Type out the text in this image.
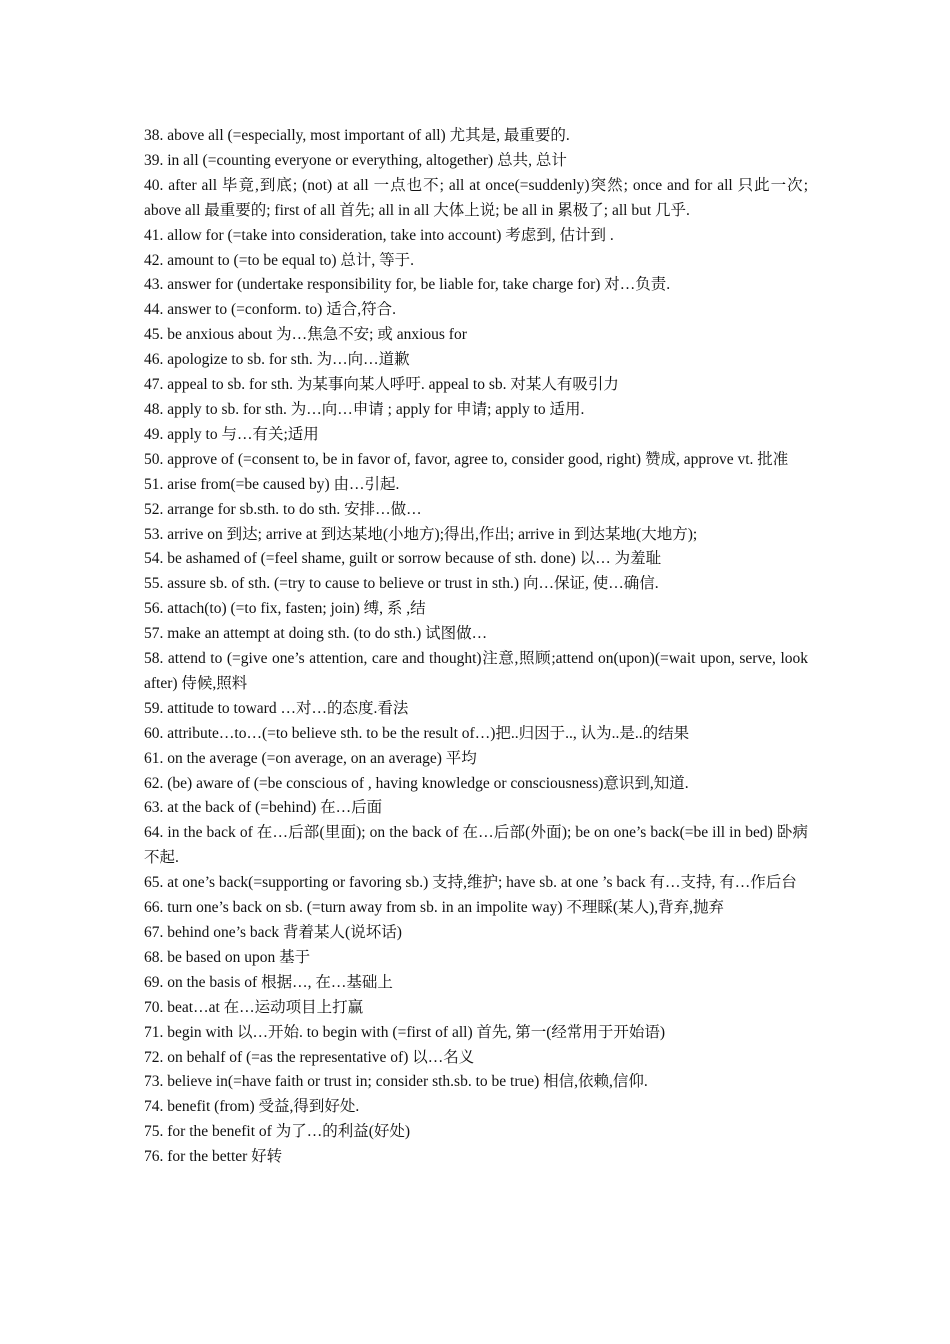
38. above all (=especially, most important of all) 尤其是, 最重要的.

39. in all (=counting everyone or everything, altogether) 总共, 总计

40. after all 毕竟,到底; (not) at all 一点也不; all at once(=suddenly)突然; once and for all 只此一次; above all 最重要的; first of all 首先; all in all 大体上说; be all in 累极了; all but 几乎.

41. allow for (=take into consideration, take into account) 考虑到, 估计到 .

42. amount to (=to be equal to) 总计, 等于.

43. answer for (undertake responsibility for, be liable for, take charge for) 对…负责.

44. answer to (=conform. to) 适合,符合.

45. be anxious about 为…焦急不安; 或 anxious for

46. apologize to sb. for sth. 为…向…道歉

47. appeal to sb. for sth. 为某事向某人呼吁. appeal to sb. 对某人有吸引力

48. apply to sb. for sth. 为…向…申请 ; apply for 申请; apply to 适用.

49. apply to 与…有关;适用

50. approve of (=consent to, be in favor of, favor, agree to, consider good, right) 赞成, approve vt. 批准

51. arise from(=be caused by) 由…引起.

52. arrange for sb.sth. to do sth. 安排…做…

53. arrive on 到达; arrive at 到达某地(小地方);得出,作出; arrive in 到达某地(大地方);

54. be ashamed of (=feel shame, guilt or sorrow because of sth. done) 以… 为羞耻

55. assure sb. of sth. (=try to cause to believe or trust in sth.) 向…保证, 使…确信.

56. attach(to) (=to fix, fasten; join) 缚, 系 ,结

57. make an attempt at doing sth. (to do sth.) 试图做…

58. attend to (=give one’s attention, care and thought)注意,照顾;attend on(upon)(=wait upon, serve, look after) 侍候,照料

59. attitude to toward …对…的态度.看法

60. attribute…to…(=to believe sth. to be the result of…)把..归因于.., 认为..是..的结果

61. on the average (=on average, on an average) 平均

62. (be) aware of (=be conscious of , having knowledge or consciousness)意识到,知道.

63. at the back of (=behind) 在…后面

64. in the back of 在…后部(里面); on the back of 在…后部(外面); be on one’s back(=be ill in bed) 卧病不起.

65. at one’s back(=supporting or favoring sb.) 支持,维护; have sb. at one ’s back 有…支持, 有…作后台

66. turn one’s back on sb. (=turn away from sb. in an impolite way) 不理睬(某人),背弃,抛弃

67. behind one’s back 背着某人(说坏话)

68. be based on upon 基于

69. on the basis of 根据…, 在…基础上

70. beat…at 在…运动项目上打赢

71. begin with 以…开始. to begin with (=first of all) 首先, 第一(经常用于开始语)

72. on behalf of (=as the representative of) 以…名义

73. believe in(=have faith or trust in; consider sth.sb. to be true) 相信,依赖,信仰.

74. benefit (from) 受益,得到好处.

75. for the benefit of 为了…的利益(好处)

76. for the better 好转
